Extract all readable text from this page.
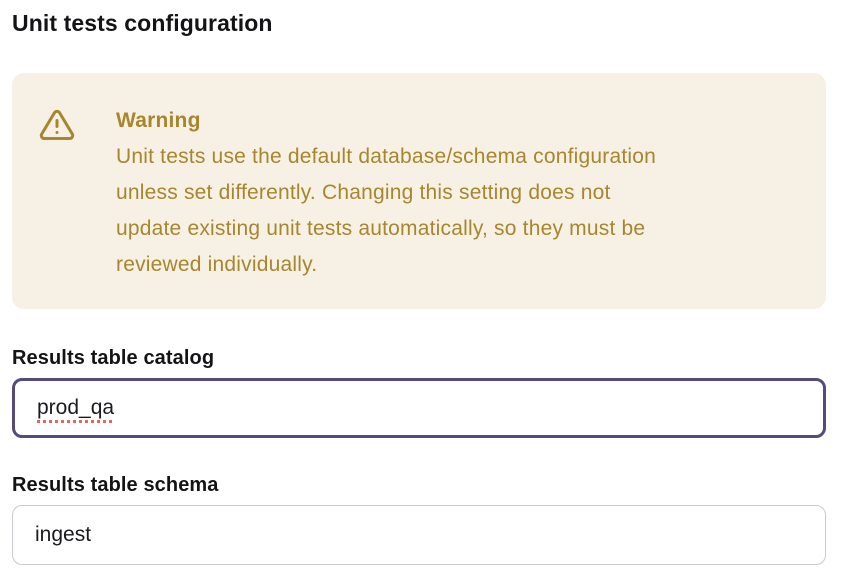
Unit tests configuration
Warning
Unit tests use the default database/schema configuration unless set differently. Changing this setting does not update existing unit tests automatically, so they must be reviewed individually.
Results table catalog
prod_qa
Results table schema
ingest
